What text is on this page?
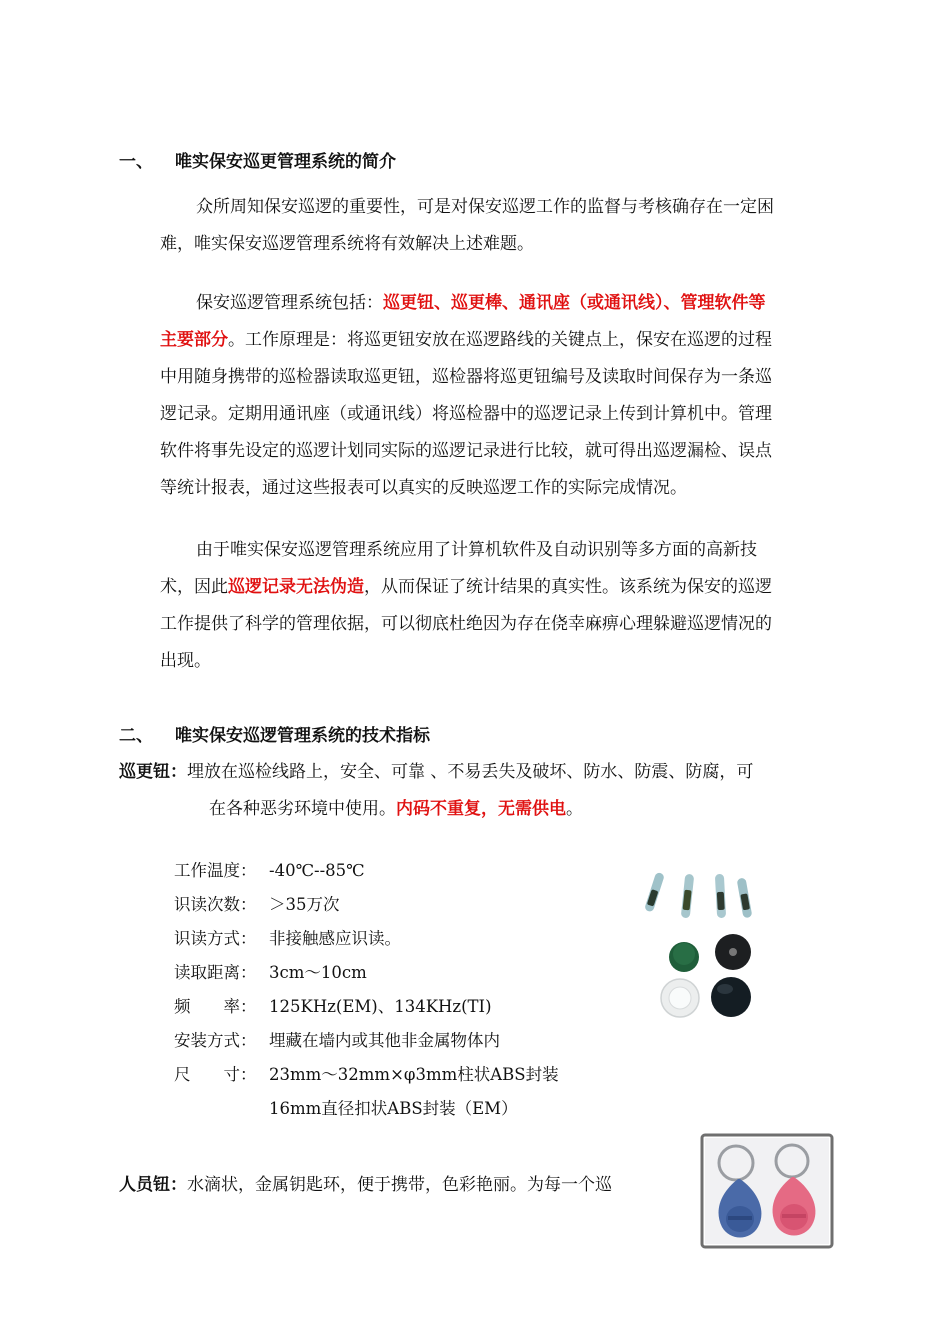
一、 唯实保安巡更管理系统的简介
众所周知保安巡逻的重要性，可是对保安巡逻工作的监督与考核确存在一定困
难，唯实保安巡逻管理系统将有效解决上述难题。
保安巡逻管理系统包括：巡更钮、巡更棒、通讯座（或通讯线）、管理软件等
主要部分。工作原理是：将巡更钮安放在巡逻路线的关键点上，保安在巡逻的过程
中用随身携带的巡检器读取巡更钮，巡检器将巡更钮编号及读取时间保存为一条巡
逻记录。定期用通讯座（或通讯线）将巡检器中的巡逻记录上传到计算机中。管理
软件将事先设定的巡逻计划同实际的巡逻记录进行比较，就可得出巡逻漏检、误点
等统计报表，通过这些报表可以真实的反映巡逻工作的实际完成情况。
由于唯实保安巡逻管理系统应用了计算机软件及自动识别等多方面的高新技
术，因此巡逻记录无法伪造，从而保证了统计结果的真实性。该系统为保安的巡逻
工作提供了科学的管理依据，可以彻底杜绝因为存在侥幸麻痹心理躲避巡逻情况的
出现。
二、 唯实保安巡逻管理系统的技术指标
巡更钮：埋放在巡检线路上，安全、可靠 、不易丢失及破坏、防水、防震、防腐，可
在各种恶劣环境中使用。内码不重复，无需供电。
工作温度： -40℃--85℃
识读次数： ＞35万次
识读方式： 非接触感应识读。
读取距离： 3cm～10cm
频　　率： 125KHz(EM)、134KHz(TI)
安装方式： 埋藏在墙内或其他非金属物体内
尺　　寸： 23mm～32mm×φ3mm柱状ABS封装
16mm直径扣状ABS封装（EM）
人员钮：水滴状，金属钥匙环，便于携带，色彩艳丽。为每一个巡
